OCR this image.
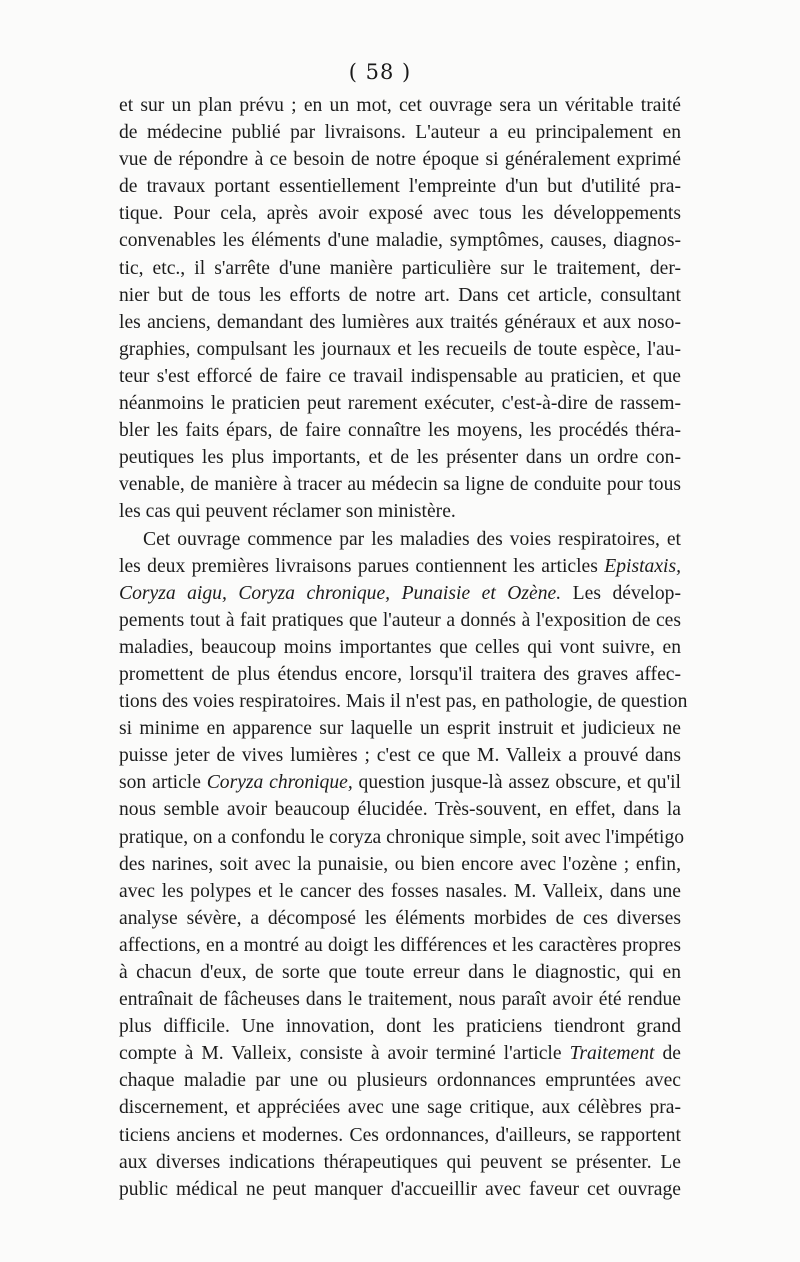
( 58 )
et sur un plan prévu ; en un mot, cet ouvrage sera un véritable traité
de médecine publié par livraisons. L'auteur a eu principalement en
vue de répondre à ce besoin de notre époque si généralement exprimé
de travaux portant essentiellement l'empreinte d'un but d'utilité pra-
tique. Pour cela, après avoir exposé avec tous les développements
convenables les éléments d'une maladie, symptômes, causes, diagnos-
tic, etc., il s'arrête d'une manière particulière sur le traitement, der-
nier but de tous les efforts de notre art. Dans cet article, consultant
les anciens, demandant des lumières aux traités généraux et aux noso-
graphies, compulsant les journaux et les recueils de toute espèce, l'au-
teur s'est efforcé de faire ce travail indispensable au praticien, et que
néanmoins le praticien peut rarement exécuter, c'est-à-dire de rassem-
bler les faits épars, de faire connaître les moyens, les procédés théra-
peutiques les plus importants, et de les présenter dans un ordre con-
venable, de manière à tracer au médecin sa ligne de conduite pour tous
les cas qui peuvent réclamer son ministère.
Cet ouvrage commence par les maladies des voies respiratoires, et
les deux premières livraisons parues contiennent les articles Epistaxis,
Coryza aigu, Coryza chronique, Punaisie et Ozène. Les dévelop-
pements tout à fait pratiques que l'auteur a donnés à l'exposition de ces
maladies, beaucoup moins importantes que celles qui vont suivre, en
promettent de plus étendus encore, lorsqu'il traitera des graves affec-
tions des voies respiratoires. Mais il n'est pas, en pathologie, de question
si minime en apparence sur laquelle un esprit instruit et judicieux ne
puisse jeter de vives lumières ; c'est ce que M. Valleix a prouvé dans
son article Coryza chronique, question jusque-là assez obscure, et qu'il
nous semble avoir beaucoup élucidée. Très-souvent, en effet, dans la
pratique, on a confondu le coryza chronique simple, soit avec l'impétigo
des narines, soit avec la punaisie, ou bien encore avec l'ozène ; enfin,
avec les polypes et le cancer des fosses nasales. M. Valleix, dans une
analyse sévère, a décomposé les éléments morbides de ces diverses
affections, en a montré au doigt les différences et les caractères propres
à chacun d'eux, de sorte que toute erreur dans le diagnostic, qui en
entraînait de fâcheuses dans le traitement, nous paraît avoir été rendue
plus difficile. Une innovation, dont les praticiens tiendront grand
compte à M. Valleix, consiste à avoir terminé l'article Traitement de
chaque maladie par une ou plusieurs ordonnances empruntées avec
discernement, et appréciées avec une sage critique, aux célèbres pra-
ticiens anciens et modernes. Ces ordonnances, d'ailleurs, se rapportent
aux diverses indications thérapeutiques qui peuvent se présenter. Le
public médical ne peut manquer d'accueillir avec faveur cet ouvrage
